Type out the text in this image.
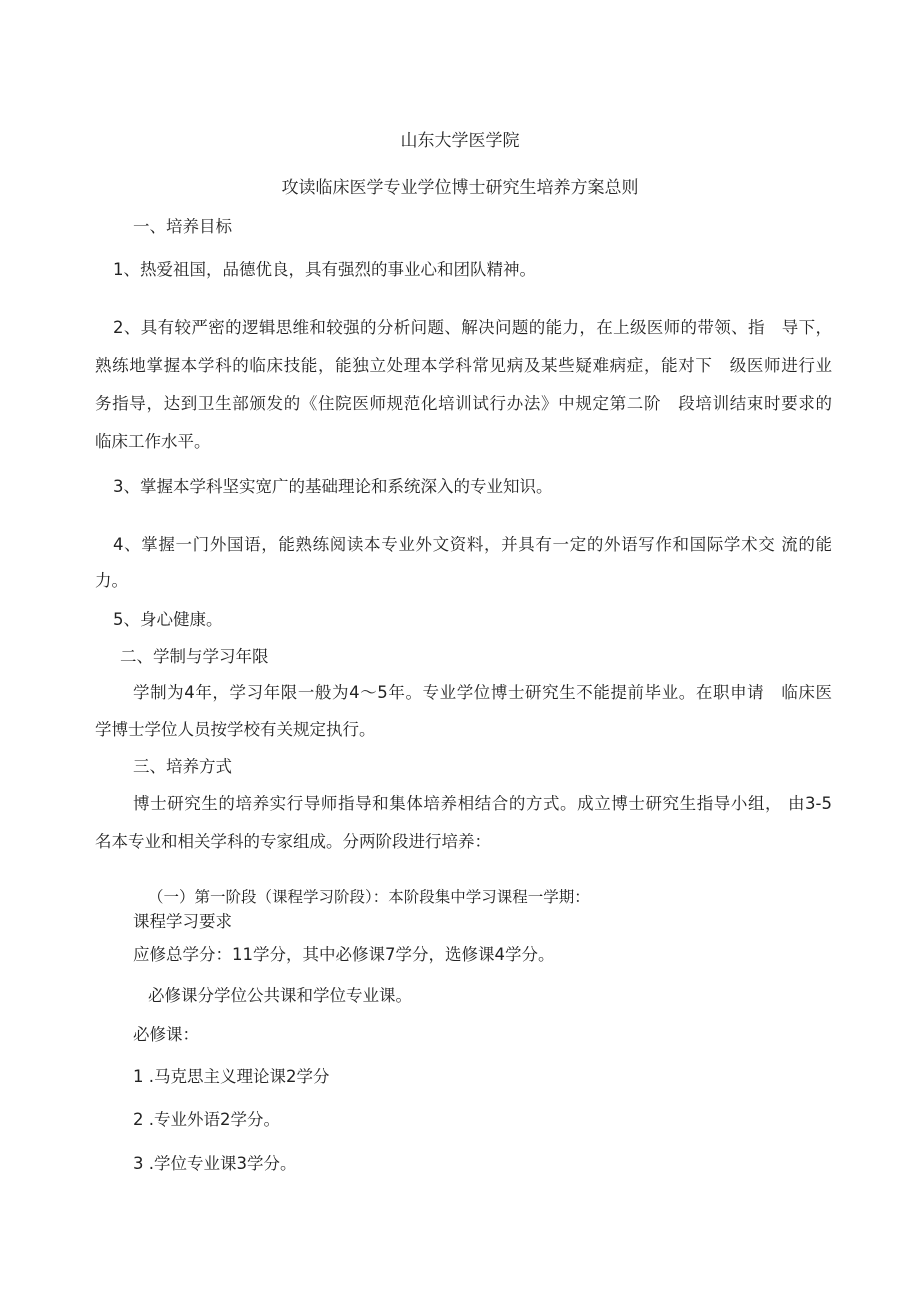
山东大学医学院
攻读临床医学专业学位博士研究生培养方案总则
一、培养目标
1、热爱祖国，品德优良，具有强烈的事业心和团队精神。
2、具有较严密的逻辑思维和较强的分析问题、解决问题的能力，在上级医师的带领、指　导下，
熟练地掌握本学科的临床技能，能独立处理本学科常见病及某些疑难病症，能对下　级医师进行业
务指导，达到卫生部颁发的《住院医师规范化培训试行办法》中规定第二阶　段培训结束时要求的
临床工作水平。
3、掌握本学科坚实宽广的基础理论和系统深入的专业知识。
4、掌握一门外国语，能熟练阅读本专业外文资料，并具有一定的外语写作和国际学术交 流的能
力。
5、身心健康。
二、学制与学习年限
学制为4年，学习年限一般为4〜5年。专业学位博士研究生不能提前毕业。在职申请　临床医
学博士学位人员按学校有关规定执行。
三、培养方式
博士研究生的培养实行导师指导和集体培养相结合的方式。成立博士研究生指导小组， 由3-5
名本专业和相关学科的专家组成。分两阶段进行培养：
（一）第一阶段（课程学习阶段）：本阶段集中学习课程一学期：
课程学习要求
应修总学分：11学分，其中必修课7学分，选修课4学分。
必修课分学位公共课和学位专业课。
必修课：
1 .马克思主义理论课2学分
2 .专业外语2学分。
3 .学位专业课3学分。
